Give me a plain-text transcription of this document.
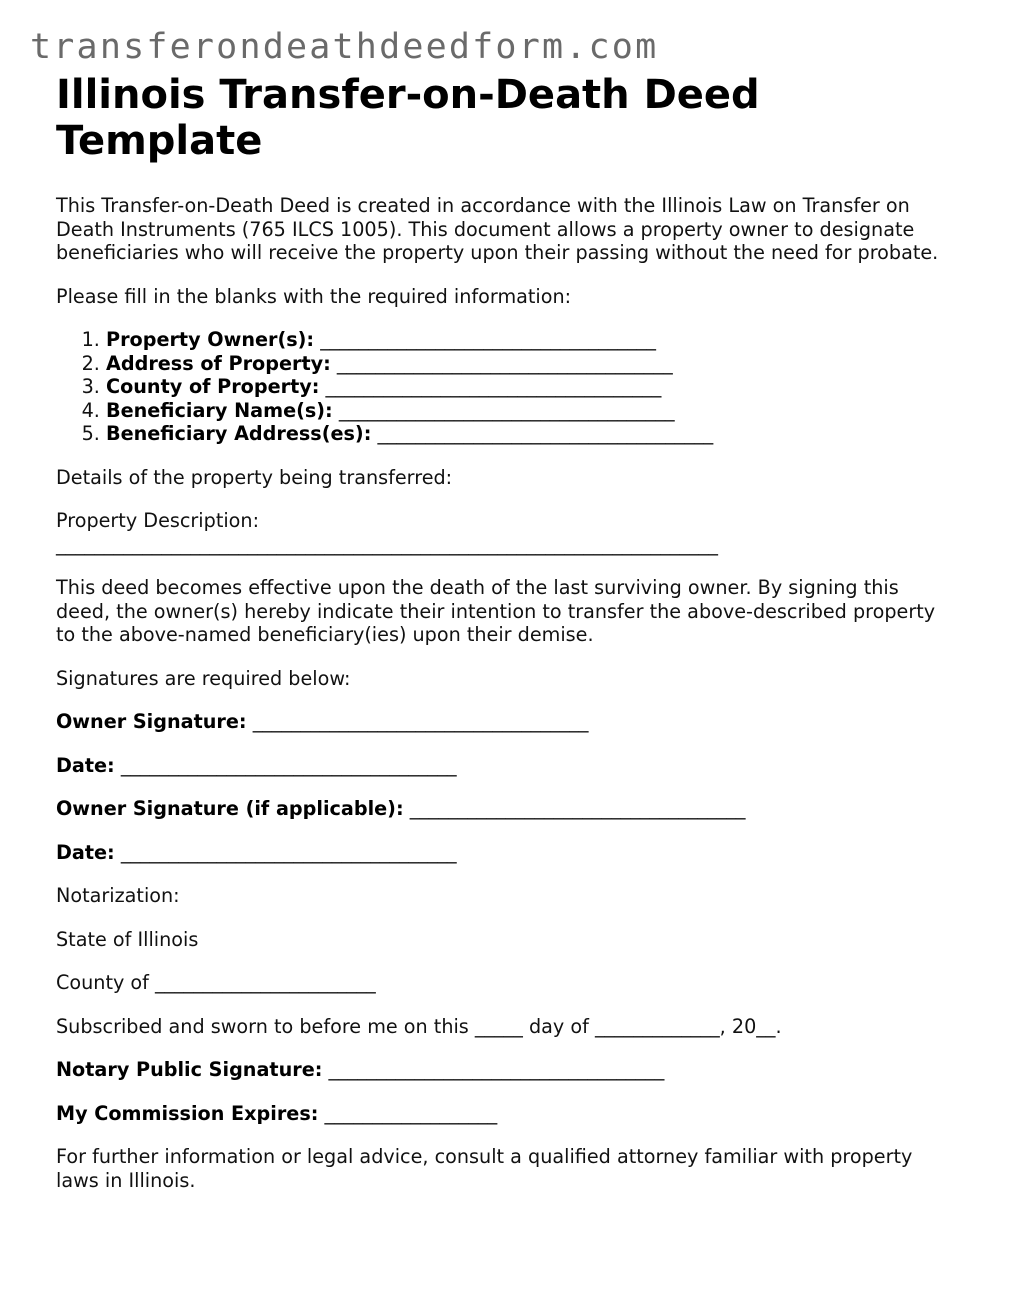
transferondeathdeedform.com
Illinois Transfer-on-Death Deed Template

This Transfer-on-Death Deed is created in accordance with the Illinois Law on Transfer on Death Instruments (765 ILCS 1005). This document allows a property owner to designate beneficiaries who will receive the property upon their passing without the need for probate.

Please fill in the blanks with the required information:

1. Property Owner(s): ___________________________________
2. Address of Property: ___________________________________
3. County of Property: ___________________________________
4. Beneficiary Name(s): ___________________________________
5. Beneficiary Address(es): ___________________________________

Details of the property being transferred:

Property Description:
_____________________________________________________________________

This deed becomes effective upon the death of the last surviving owner. By signing this deed, the owner(s) hereby indicate their intention to transfer the above-described property to the above-named beneficiary(ies) upon their demise.

Signatures are required below:

Owner Signature: ___________________________________

Date: ___________________________________

Owner Signature (if applicable): ___________________________________

Date: ___________________________________

Notarization:

State of Illinois

County of _______________________

Subscribed and sworn to before me on this _____ day of _____________, 20__.

Notary Public Signature: ___________________________________

My Commission Expires: __________________

For further information or legal advice, consult a qualified attorney familiar with property laws in Illinois.
